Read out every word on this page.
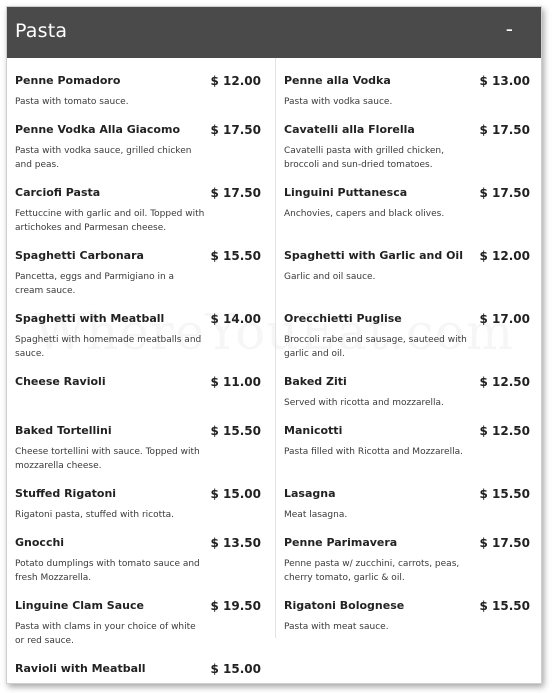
Pasta	-
Penne Pomadoro	$ 12.00
Pasta with tomato sauce.
Penne Vodka Alla Giacomo	$ 17.50
Pasta with vodka sauce, grilled chicken and peas.
Carciofi Pasta	$ 17.50
Fettuccine with garlic and oil. Topped with artichokes and Parmesan cheese.
Spaghetti Carbonara	$ 15.50
Pancetta, eggs and Parmigiano in a cream sauce.
Spaghetti with Meatball	$ 14.00
Spaghetti with homemade meatballs and sauce.
Cheese Ravioli	$ 11.00
Baked Tortellini	$ 15.50
Cheese tortellini with sauce. Topped with mozzarella cheese.
Stuffed Rigatoni	$ 15.00
Rigatoni pasta, stuffed with ricotta.
Gnocchi	$ 13.50
Potato dumplings with tomato sauce and fresh Mozzarella.
Linguine Clam Sauce	$ 19.50
Pasta with clams in your choice of white or red sauce.
Ravioli with Meatball	$ 15.00
Penne alla Vodka	$ 13.00
Pasta with vodka sauce.
Cavatelli alla Florella	$ 17.50
Cavatelli pasta with grilled chicken, broccoli and sun-dried tomatoes.
Linguini Puttanesca	$ 17.50
Anchovies, capers and black olives.
Spaghetti with Garlic and Oil $ 12.00
Garlic and oil sauce.
Orecchietti Puglise	$ 17.00
Broccoli rabe and sausage, sauteed with garlic and oil.
Baked Ziti	$ 12.50
Served with ricotta and mozzarella.
Manicotti	$ 12.50
Pasta filled with Ricotta and Mozzarella.
Lasagna	$ 15.50
Meat lasagna.
Penne Parimavera	$ 17.50
Penne pasta w/ zucchini, carrots, peas, cherry tomato, garlic & oil.
Rigatoni Bolognese	$ 15.50
Pasta with meat sauce.
